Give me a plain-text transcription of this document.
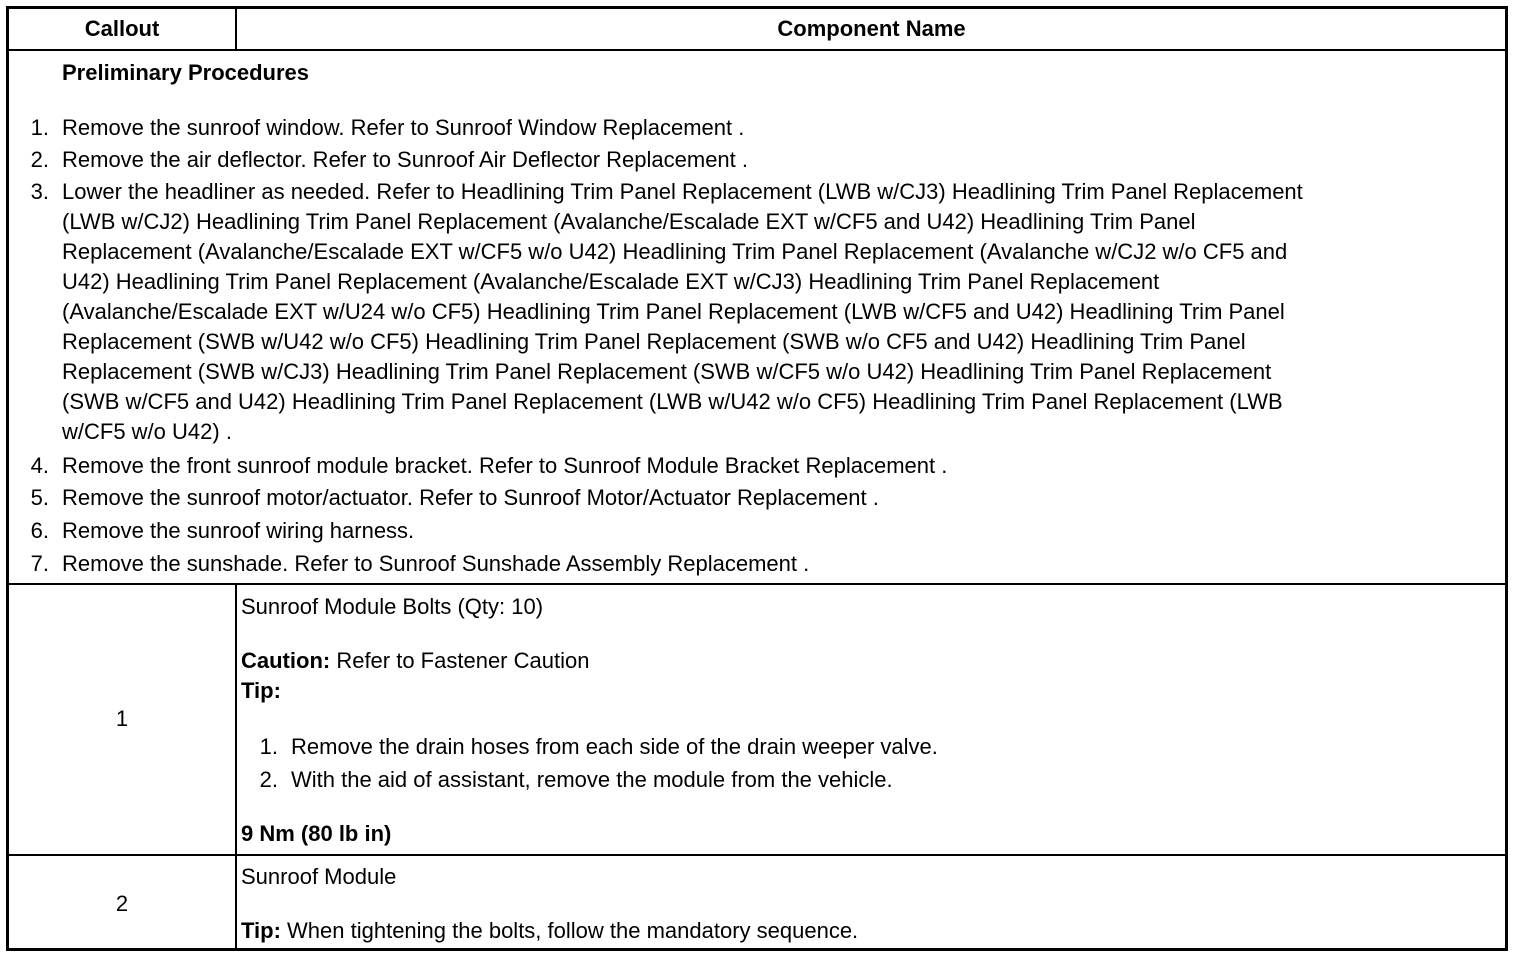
Callout	Component Name
Preliminary Procedures
1. Remove the sunroof window. Refer to Sunroof Window Replacement .
2. Remove the air deflector. Refer to Sunroof Air Deflector Replacement .
3. Lower the headliner as needed. Refer to Headlining Trim Panel Replacement (LWB w/CJ3) Headlining Trim Panel Replacement
(LWB w/CJ2) Headlining Trim Panel Replacement (Avalanche/Escalade EXT w/CF5 and U42) Headlining Trim Panel
Replacement (Avalanche/Escalade EXT w/CF5 w/o U42) Headlining Trim Panel Replacement (Avalanche w/CJ2 w/o CF5 and
U42) Headlining Trim Panel Replacement (Avalanche/Escalade EXT w/CJ3) Headlining Trim Panel Replacement
(Avalanche/Escalade EXT w/U24 w/o CF5) Headlining Trim Panel Replacement (LWB w/CF5 and U42) Headlining Trim Panel
Replacement (SWB w/U42 w/o CF5) Headlining Trim Panel Replacement (SWB w/o CF5 and U42) Headlining Trim Panel
Replacement (SWB w/CJ3) Headlining Trim Panel Replacement (SWB w/CF5 w/o U42) Headlining Trim Panel Replacement
(SWB w/CF5 and U42) Headlining Trim Panel Replacement (LWB w/U42 w/o CF5) Headlining Trim Panel Replacement (LWB
w/CF5 w/o U42) .
4. Remove the front sunroof module bracket. Refer to Sunroof Module Bracket Replacement .
5. Remove the sunroof motor/actuator. Refer to Sunroof Motor/Actuator Replacement .
6. Remove the sunroof wiring harness.
7. Remove the sunshade. Refer to Sunroof Sunshade Assembly Replacement .
1
Sunroof Module Bolts (Qty: 10)
Caution: Refer to Fastener Caution
Tip:
1. Remove the drain hoses from each side of the drain weeper valve.
2. With the aid of assistant, remove the module from the vehicle.
9 Nm (80 lb in)
2
Sunroof Module
Tip: When tightening the bolts, follow the mandatory sequence.
